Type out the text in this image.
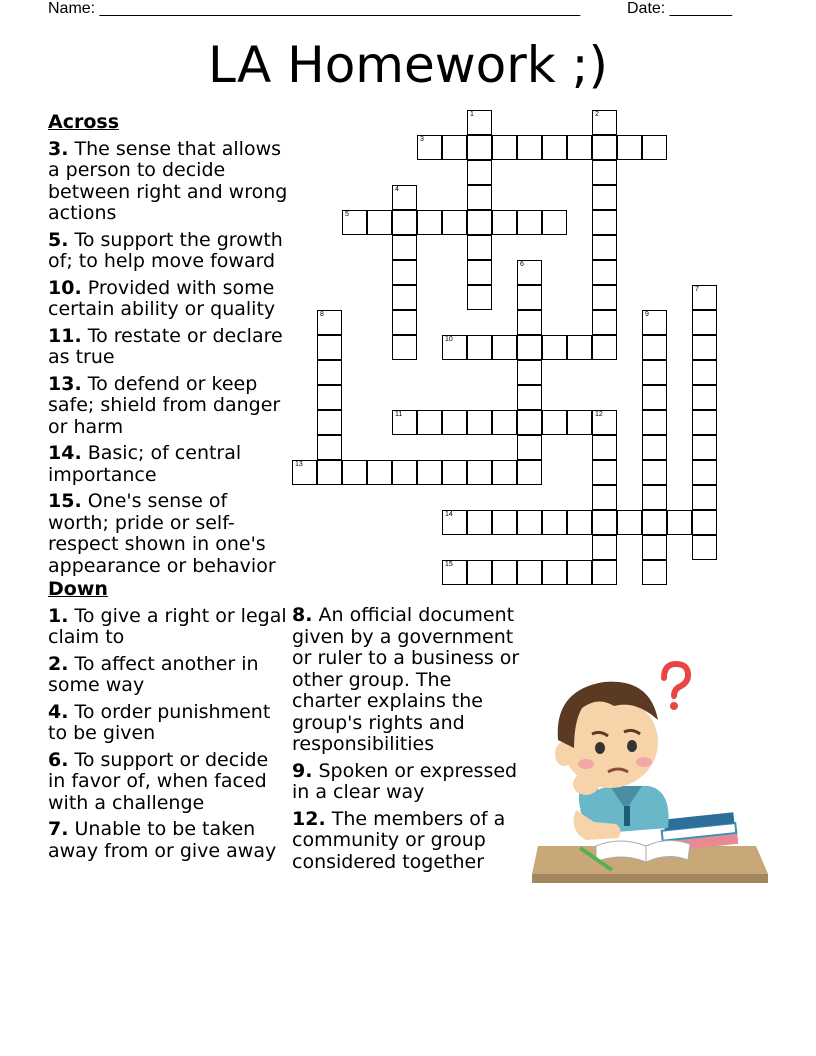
Name: ______________________________________________________	Date: _______
LA Homework ;)
3
5
10
11	12
13
14
15
1	2
4
6
7
8	9
Across
3. The sense that allows a person to decide between right and wrong actions
5. To support the growth of; to help move foward
10. Provided with some certain ability or quality
11. To restate or declare as true
13. To defend or keep safe; shield from danger or harm
14. Basic; of central importance
15. One's sense of worth; pride or self-respect shown in one's appearance or behavior
Down
1. To give a right or legal claim to
2. To affect another in some way
4. To order punishment to be given
6. To support or decide in favor of, when faced with a challenge
7. Unable to be taken away from or give away
8. An official document given by a government or ruler to a business or other group. The charter explains the group's rights and responsibilities
9. Spoken or expressed in a clear way
12. The members of a community or group considered together
